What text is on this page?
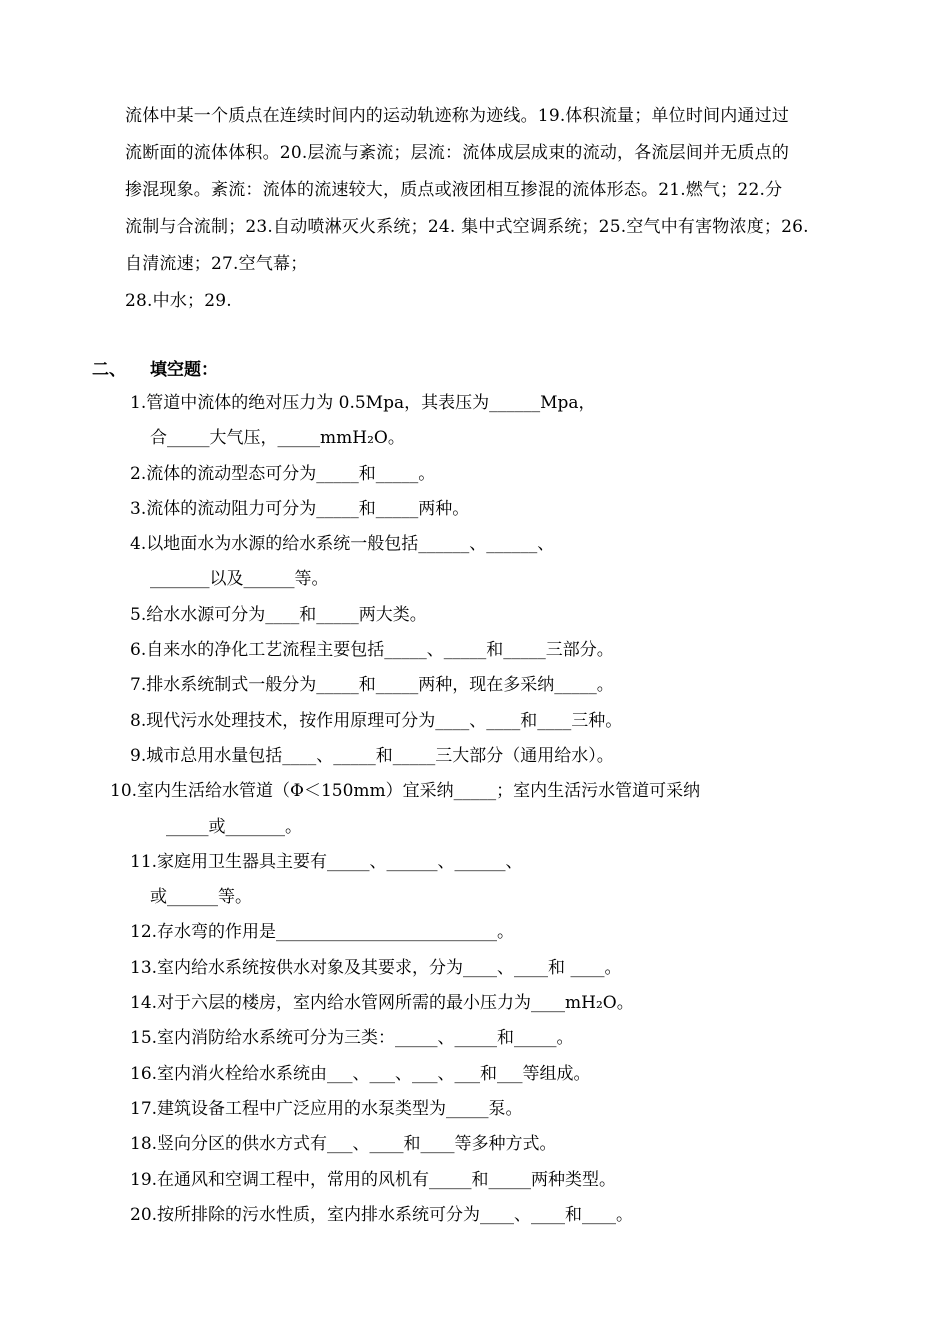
流体中某一个质点在连续时间内的运动轨迹称为迹线。19.体积流量；单位时间内通过过
流断面的流体体积。20.层流与紊流；层流：流体成层成束的流动，各流层间并无质点的
掺混现象。紊流：流体的流速较大，质点或液团相互掺混的流体形态。21.燃气；22.分
流制与合流制；23.自动喷淋灭火系统；24. 集中式空调系统；25.空气中有害物浓度；26.
自清流速；27.空气幕；
28.中水；29.
二、 填空题：
1.管道中流体的绝对压力为 0.5Mpa，其表压为______Mpa，
合_____大气压，_____mmH₂O。
2.流体的流动型态可分为_____和_____。
3.流体的流动阻力可分为_____和_____两种。
4.以地面水为水源的给水系统一般包括______、______、
_______以及______等。
5.给水水源可分为____和_____两大类。
6.自来水的净化工艺流程主要包括_____、_____和_____三部分。
7.排水系统制式一般分为_____和_____两种，现在多采纳_____。
8.现代污水处理技术，按作用原理可分为____、____和____三种。
9.城市总用水量包括____、_____和_____三大部分（通用给水）。
10.室内生活给水管道（Φ＜150mm）宜采纳_____；室内生活污水管道可采纳
_____或_______。
11.家庭用卫生器具主要有_____、______、______、
或______等。
12.存水弯的作用是__________________________。
13.室内给水系统按供水对象及其要求，分为____、____和 ____。
14.对于六层的楼房，室内给水管网所需的最小压力为____mH₂O。
15.室内消防给水系统可分为三类：_____、_____和_____。
16.室内消火栓给水系统由___、___、___、___和___等组成。
17.建筑设备工程中广泛应用的水泵类型为_____泵。
18.竖向分区的供水方式有___、____和____等多种方式。
19.在通风和空调工程中，常用的风机有_____和_____两种类型。
20.按所排除的污水性质，室内排水系统可分为____、____和____。
